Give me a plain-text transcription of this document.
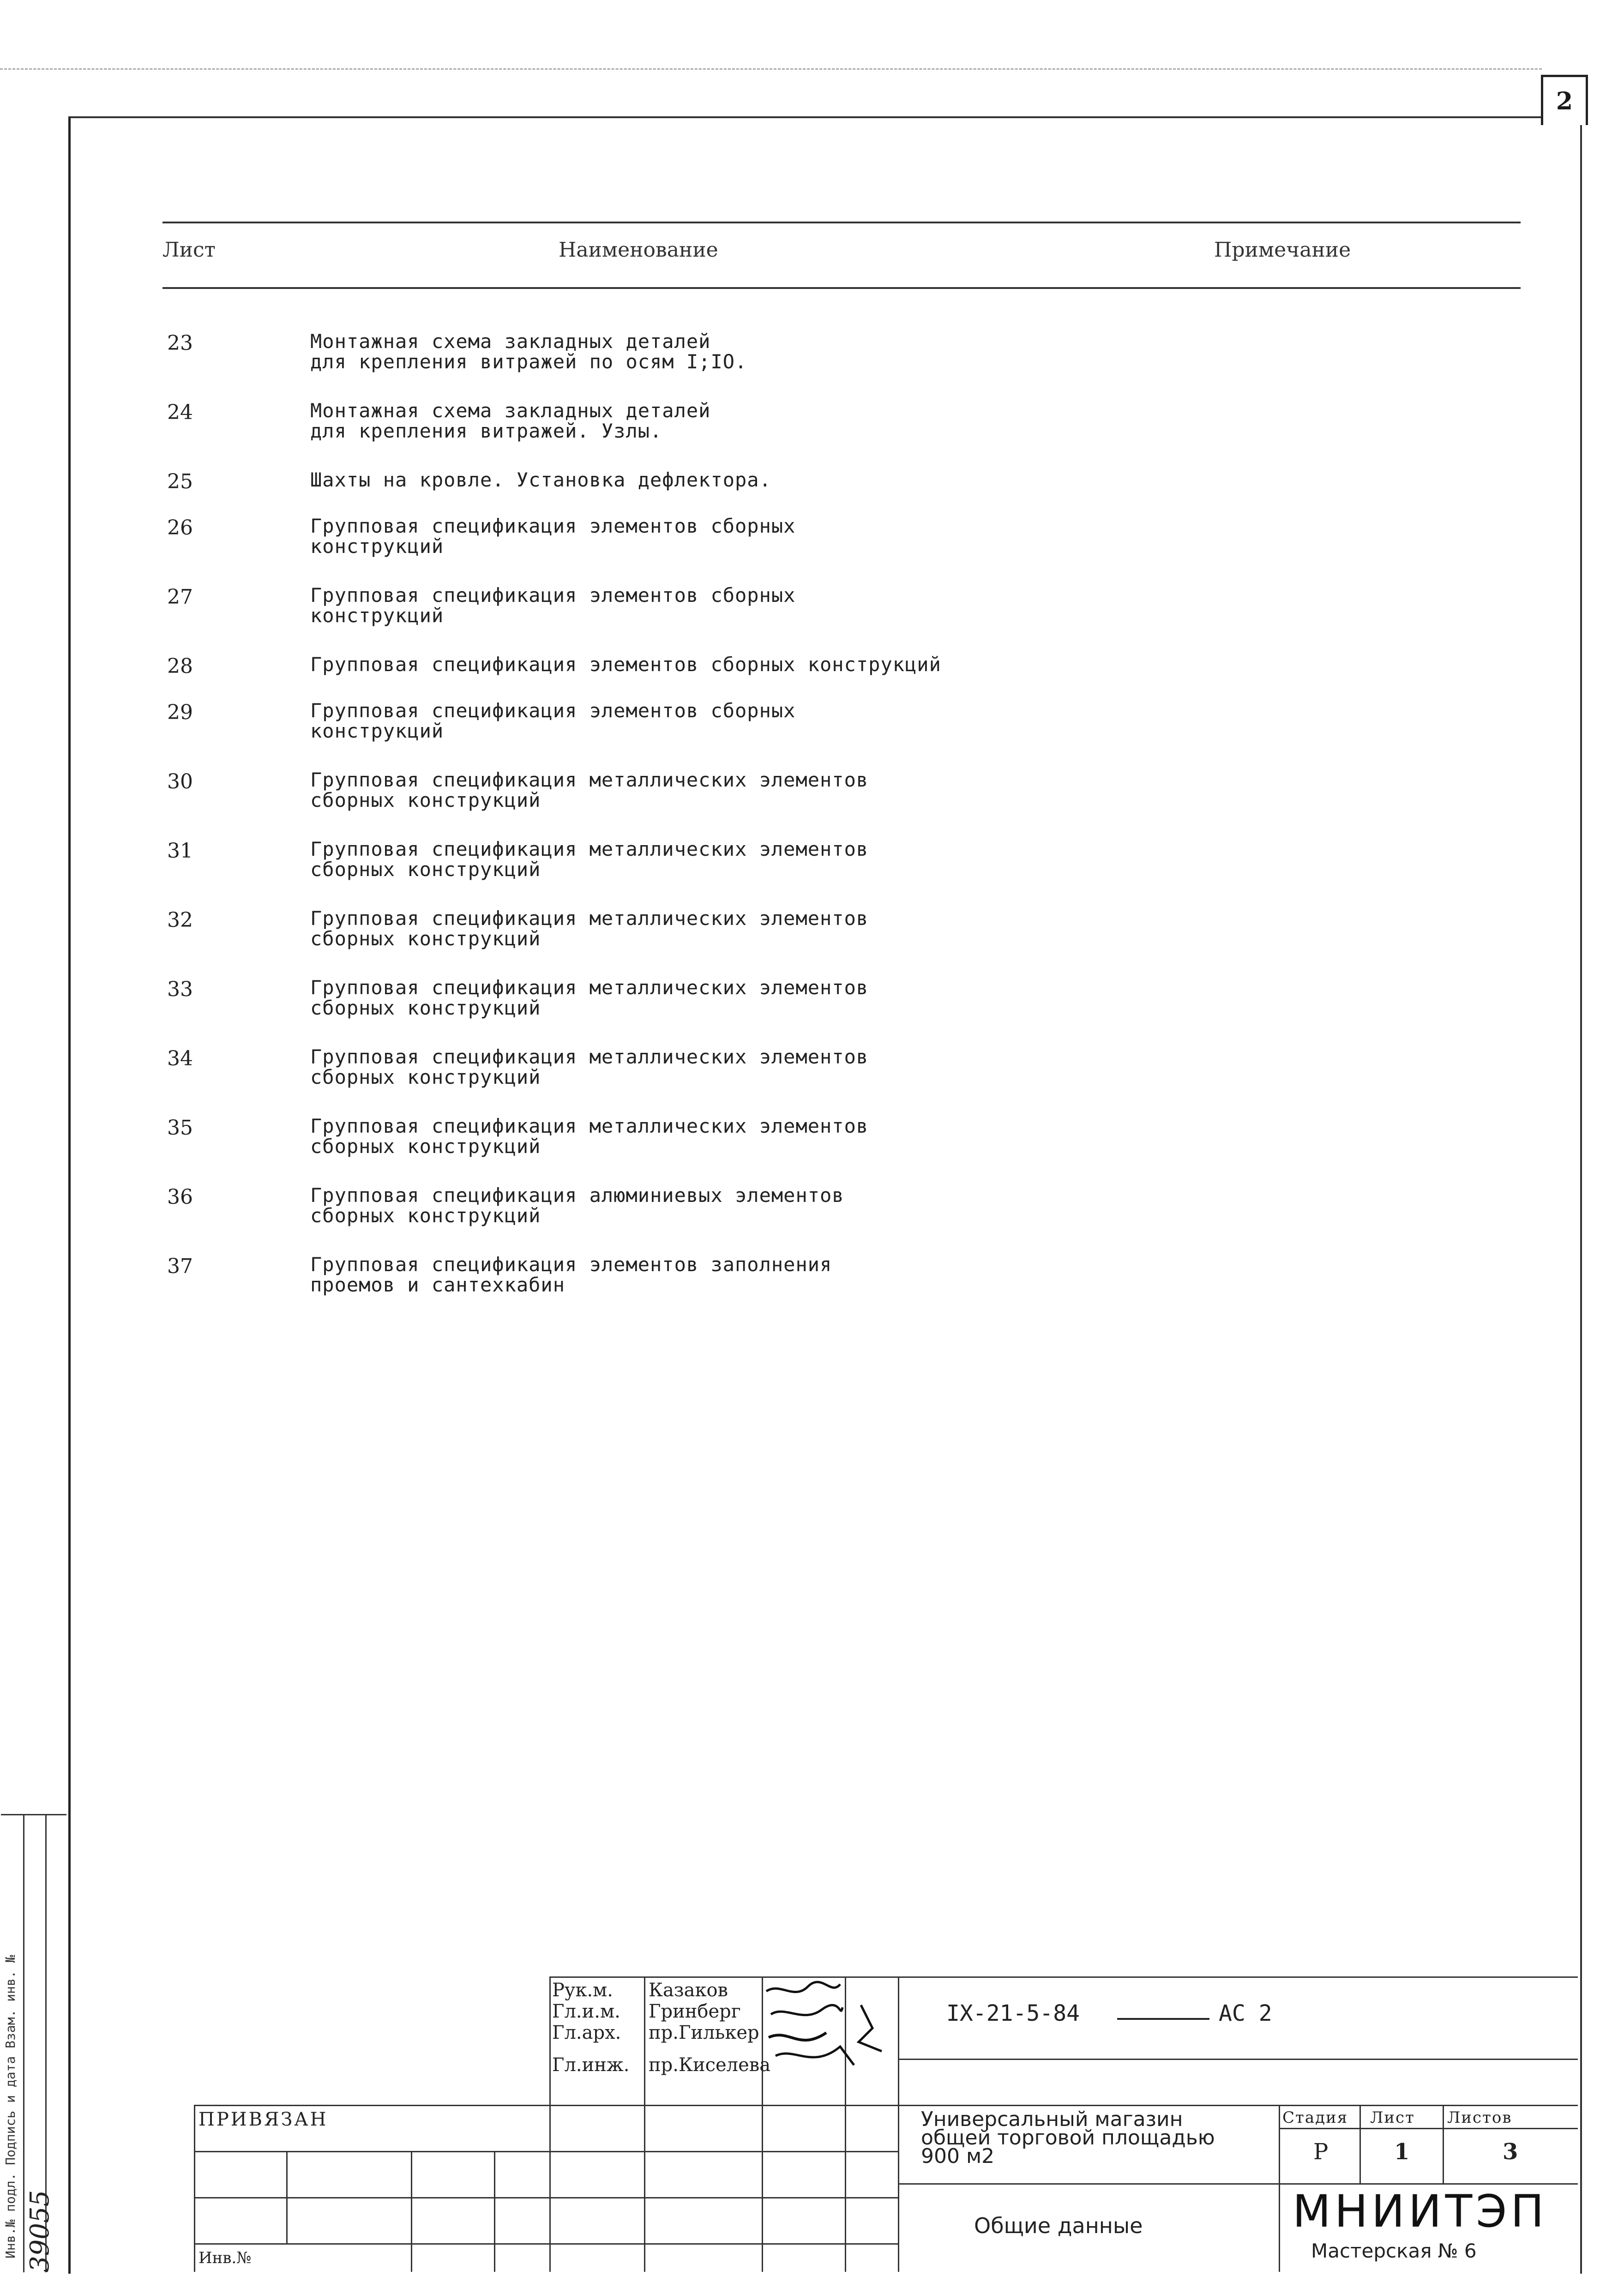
2
Лист	Наименование	Примечание
23	Монтажная схема закладных деталей
для крепления витражей по осям I;IO.
24	Монтажная схема закладных деталей
для крепления витражей. Узлы.
25	Шахты на кровле. Установка дефлектора.
26	Групповая спецификация элементов сборных
конструкций
27	Групповая спецификация элементов сборных
конструкций
28	Групповая спецификация элементов сборных конструкций
29	Групповая спецификация элементов сборных
конструкций
30	Групповая спецификация металлических элементов
сборных конструкций
31	Групповая спецификация металлических элементов
сборных конструкций
32	Групповая спецификация металлических элементов
сборных конструкций
33	Групповая спецификация металлических элементов
сборных конструкций
34	Групповая спецификация металлических элементов
сборных конструкций
35	Групповая спецификация металлических элементов
сборных конструкций
36	Групповая спецификация алюминиевых элементов
сборных конструкций
37	Групповая спецификация элементов заполнения
проемов и сантехкабин
Рук.м. Казаков
Гл.и.м. Гринберг
Гл.арх. пр.Гилькер
Гл.инж. пр.Киселева
IX-21-5-84	АС 2
ПРИВЯЗАН
Инв.№
Универсальный магазин
общей торговой площадью
900 м2
Общие данные
Стадия Лист Листов
Р	1	3
МНИИТЭП
Мастерская № 6
Инв.№ подл. Подпись и дата Взам. инв. № 39055
